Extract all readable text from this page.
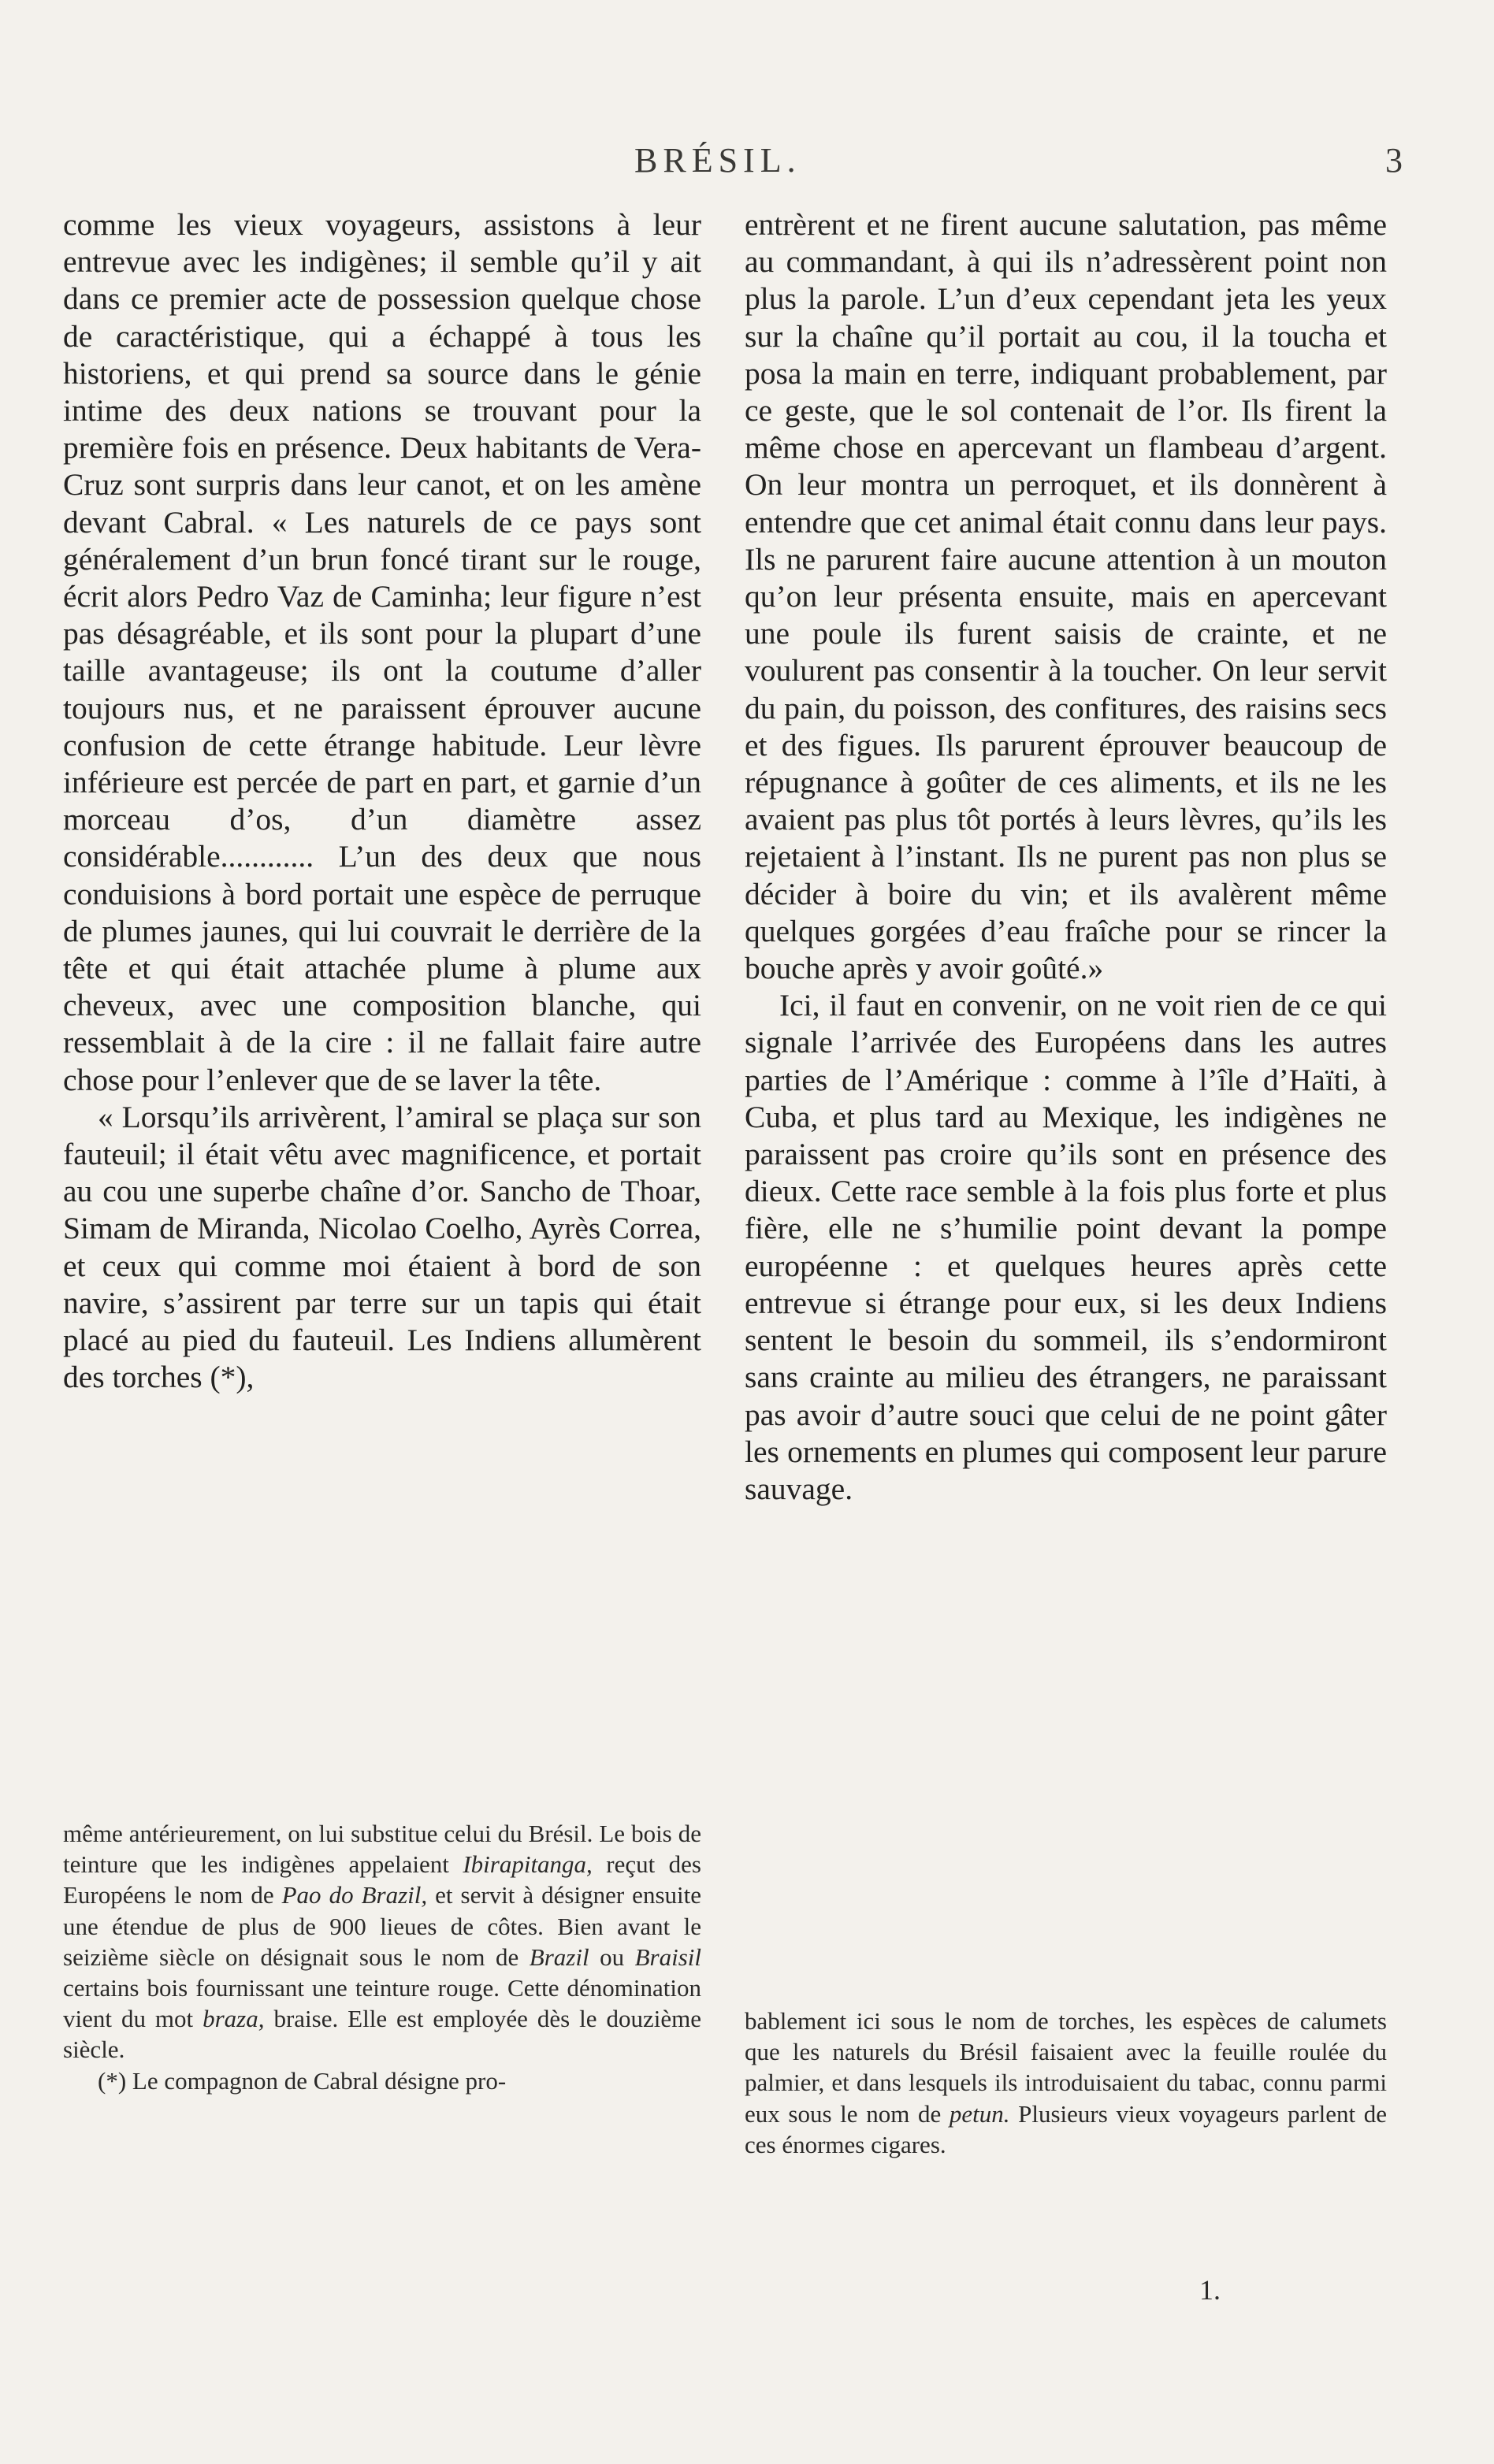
BRÉSIL.	3

comme les vieux voyageurs, assistons à leur entrevue avec les indigènes; il semble qu’il y ait dans ce premier acte de possession quelque chose de caractéristique, qui a échappé à tous les historiens, et qui prend sa source dans le génie intime des deux nations se trouvant pour la première fois en présence. Deux habitants de Vera-Cruz sont surpris dans leur canot, et on les amène devant Cabral. « Les naturels de ce pays sont généralement d’un brun foncé tirant sur le rouge, écrit alors Pedro Vaz de Caminha; leur figure n’est pas désagréable, et ils sont pour la plupart d’une taille avantageuse; ils ont la coutume d’aller toujours nus, et ne paraissent éprouver aucune confusion de cette étrange habitude. Leur lèvre inférieure est percée de part en part, et garnie d’un morceau d’os, d’un diamètre assez considérable............ L’un des deux que nous conduisions à bord portait une espèce de perruque de plumes jaunes, qui lui couvrait le derrière de la tête et qui était attachée plume à plume aux cheveux, avec une composition blanche, qui ressemblait à de la cire : il ne fallait faire autre chose pour l’enlever que de se laver la tête.

« Lorsqu’ils arrivèrent, l’amiral se plaça sur son fauteuil; il était vêtu avec magnificence, et portait au cou une superbe chaîne d’or. Sancho de Thoar, Simam de Miranda, Nicolao Coelho, Ayrès Correa, et ceux qui comme moi étaient à bord de son navire, s’assirent par terre sur un tapis qui était placé au pied du fauteuil. Les Indiens allumèrent des torches (*),

entrèrent et ne firent aucune salutation, pas même au commandant, à qui ils n’adressèrent point non plus la parole. L’un d’eux cependant jeta les yeux sur la chaîne qu’il portait au cou, il la toucha et posa la main en terre, indiquant probablement, par ce geste, que le sol contenait de l’or. Ils firent la même chose en apercevant un flambeau d’argent. On leur montra un perroquet, et ils donnèrent à entendre que cet animal était connu dans leur pays. Ils ne parurent faire aucune attention à un mouton qu’on leur présenta ensuite, mais en apercevant une poule ils furent saisis de crainte, et ne voulurent pas consentir à la toucher. On leur servit du pain, du poisson, des confitures, des raisins secs et des figues. Ils parurent éprouver beaucoup de répugnance à goûter de ces aliments, et ils ne les avaient pas plus tôt portés à leurs lèvres, qu’ils les rejetaient à l’instant. Ils ne purent pas non plus se décider à boire du vin; et ils avalèrent même quelques gorgées d’eau fraîche pour se rincer la bouche après y avoir goûté.»

Ici, il faut en convenir, on ne voit rien de ce qui signale l’arrivée des Européens dans les autres parties de l’Amérique : comme à l’île d’Haïti, à Cuba, et plus tard au Mexique, les indigènes ne paraissent pas croire qu’ils sont en présence des dieux. Cette race semble à la fois plus forte et plus fière, elle ne s’humilie point devant la pompe européenne : et quelques heures après cette entrevue si étrange pour eux, si les deux Indiens sentent le besoin du sommeil, ils s’endormiront sans crainte au milieu des étrangers, ne paraissant pas avoir d’autre souci que celui de ne point gâter les ornements en plumes qui composent leur parure sauvage.

même antérieurement, on lui substitue celui du Brésil. Le bois de teinture que les indigènes appelaient Ibirapitanga, reçut des Européens le nom de Pao do Brazil, et servit à désigner ensuite une étendue de plus de 900 lieues de côtes. Bien avant le seizième siècle on désignait sous le nom de Brazil ou Braisil certains bois fournissant une teinture rouge. Cette dénomination vient du mot braza, braise. Elle est employée dès le douzième siècle.

(*) Le compagnon de Cabral désigne pro-

bablement ici sous le nom de torches, les espèces de calumets que les naturels du Brésil faisaient avec la feuille roulée du palmier, et dans lesquels ils introduisaient du tabac, connu parmi eux sous le nom de petun. Plusieurs vieux voyageurs parlent de ces énormes cigares.

1.
